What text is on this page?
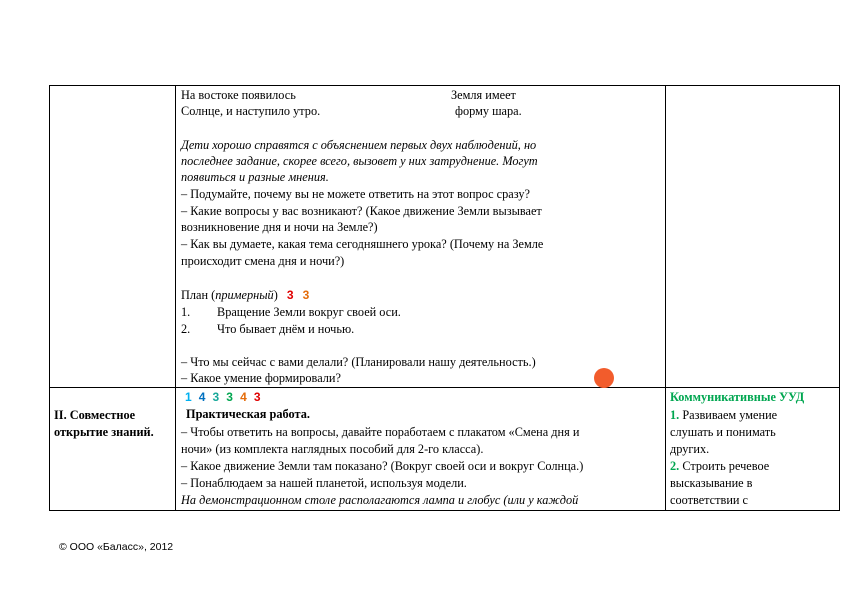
На востоке появилось
Солнце, и наступило утро.
Земля имеет
форму шара.
Дети хорошо справятся с объяснением первых двух наблюдений, но
последнее задание, скорее всего, вызовет у них затруднение. Могут
появиться и разные мнения.
– Подумайте, почему вы не можете ответить на этот вопрос сразу?
– Какие вопросы у вас возникают? (Какое движение Земли вызывает
возникновение дня и ночи на Земле?)
– Как вы думаете, какая тема сегодняшнего урока? (Почему на Земле
происходит смена дня и ночи?)
План (примерный) 3 3
1. Вращение Земли вокруг своей оси.
2. Что бывает днём и ночью.
– Что мы сейчас с вами делали? (Планировали нашу деятельность.)
– Какое умение формировали?
II. Совместное
открытие знаний.
1 4 3 3 4 3
Практическая работа.
– Чтобы ответить на вопросы, давайте поработаем с плакатом «Смена дня и
ночи» (из комплекта наглядных пособий для 2-го класса).
– Какое движение Земли там показано? (Вокруг своей оси и вокруг Солнца.)
– Понаблюдаем за нашей планетой, используя модели.
На демонстрационном столе располагаются лампа и глобус (или у каждой
Коммуникативные УУД
1. Развиваем умение
слушать и понимать
других.
2. Строить речевое
высказывание в
соответствии с
© ООО «Баласс», 2012
